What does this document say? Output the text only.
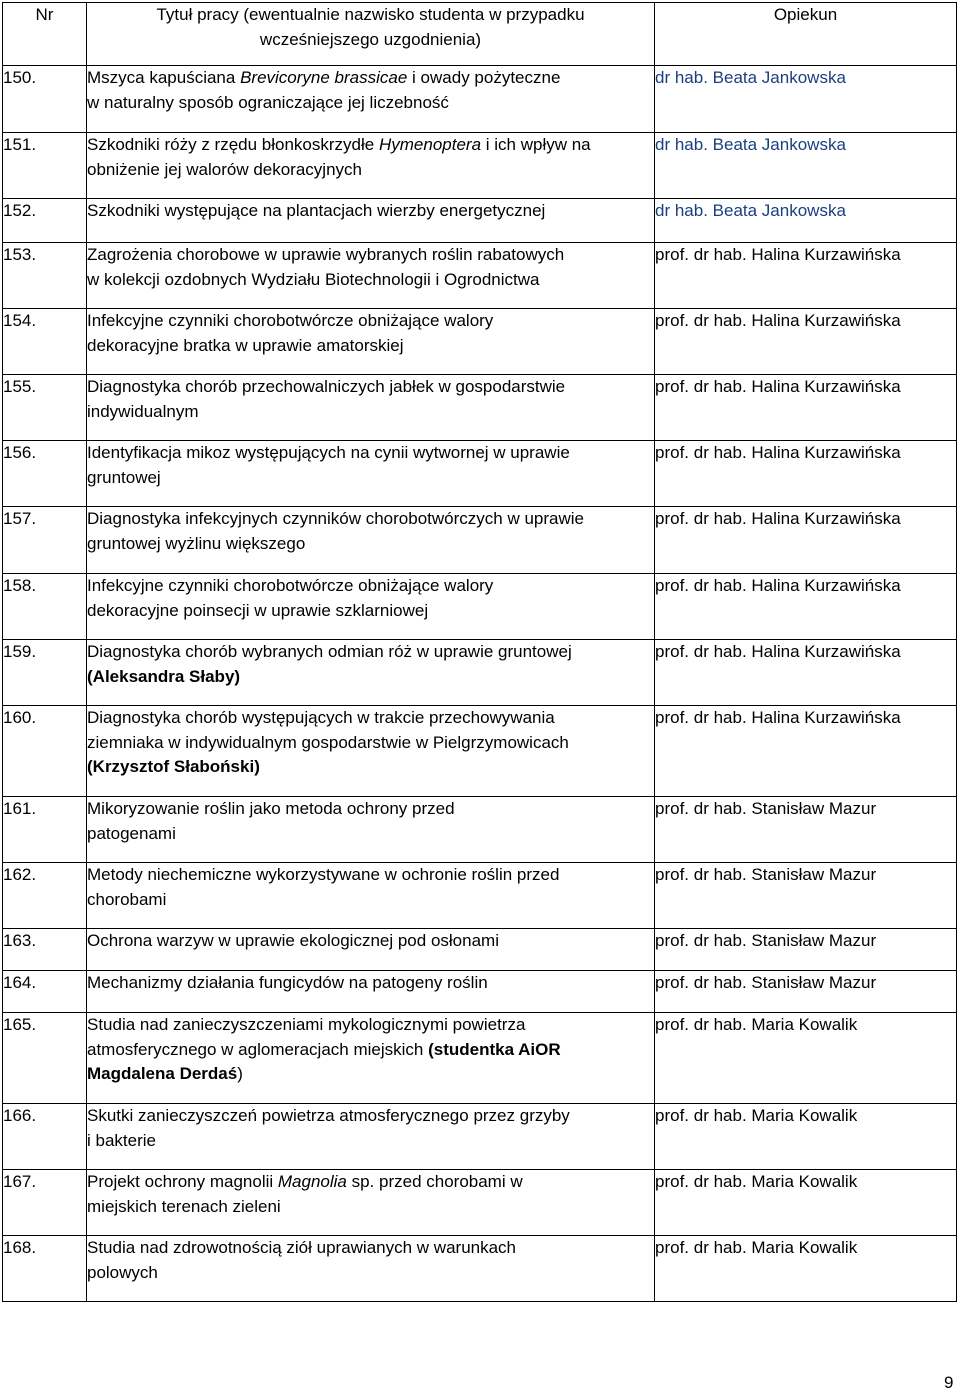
Nr	Tytuł pracy (ewentualnie nazwisko studenta w przypadku
wcześniejszego uzgodnienia)	Opiekun
150.	Mszyca kapuściana Brevicoryne brassicae i owady pożyteczne
w naturalny sposób ograniczające jej liczebność	dr hab. Beata Jankowska
151.	Szkodniki róży z rzędu błonkoskrzydłe Hymenoptera i ich wpływ na
obniżenie jej walorów dekoracyjnych	dr hab. Beata Jankowska
152.	Szkodniki występujące na plantacjach wierzby energetycznej	dr hab. Beata Jankowska
153.	Zagrożenia chorobowe w uprawie wybranych roślin rabatowych
w kolekcji ozdobnych Wydziału Biotechnologii i Ogrodnictwa	prof. dr hab. Halina Kurzawińska
154.	Infekcyjne czynniki chorobotwórcze obniżające walory
dekoracyjne bratka w uprawie amatorskiej	prof. dr hab. Halina Kurzawińska
155.	Diagnostyka chorób przechowalniczych jabłek w gospodarstwie
indywidualnym	prof. dr hab. Halina Kurzawińska
156.	Identyfikacja mikoz występujących na cynii wytwornej w uprawie
gruntowej	prof. dr hab. Halina Kurzawińska
157.	Diagnostyka infekcyjnych czynników chorobotwórczych w uprawie
gruntowej wyżlinu większego	prof. dr hab. Halina Kurzawińska
158.	Infekcyjne czynniki chorobotwórcze obniżające walory
dekoracyjne poinsecji w uprawie szklarniowej	prof. dr hab. Halina Kurzawińska
159.	Diagnostyka chorób wybranych odmian róż w uprawie gruntowej
(Aleksandra Słaby)	prof. dr hab. Halina Kurzawińska
160.	Diagnostyka chorób występujących w trakcie przechowywania
ziemniaka w indywidualnym gospodarstwie w Pielgrzymowicach
(Krzysztof Słaboński)	prof. dr hab. Halina Kurzawińska
161.	Mikoryzowanie roślin jako metoda ochrony przed
patogenami	prof. dr hab. Stanisław Mazur
162.	Metody niechemiczne wykorzystywane w ochronie roślin przed
chorobami	prof. dr hab. Stanisław Mazur
163.	Ochrona warzyw w uprawie ekologicznej pod osłonami	prof. dr hab. Stanisław Mazur
164.	Mechanizmy działania fungicydów na patogeny roślin	prof. dr hab. Stanisław Mazur
165.	Studia nad zanieczyszczeniami mykologicznymi powietrza
atmosferycznego w aglomeracjach miejskich (studentka AiOR
Magdalena Derdaś)	prof. dr hab. Maria Kowalik
166.	Skutki zanieczyszczeń powietrza atmosferycznego przez grzyby
i bakterie	prof. dr hab. Maria Kowalik
167.	Projekt ochrony magnolii Magnolia sp. przed chorobami w
miejskich terenach zieleni	prof. dr hab. Maria Kowalik
168.	Studia nad zdrowotnością ziół uprawianych w warunkach
polowych	prof. dr hab. Maria Kowalik
9
